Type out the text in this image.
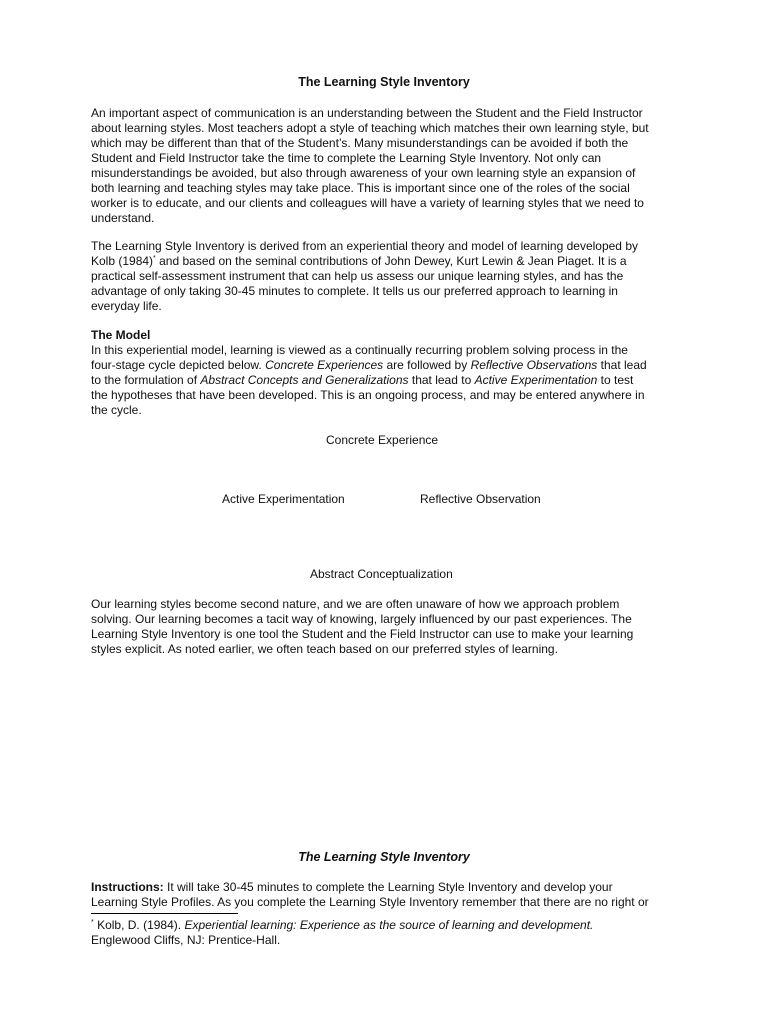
The Learning Style Inventory
An important aspect of communication is an understanding between the Student and the Field Instructor
about learning styles. Most teachers adopt a style of teaching which matches their own learning style, but
which may be different than that of the Student’s. Many misunderstandings can be avoided if both the
Student and Field Instructor take the time to complete the Learning Style Inventory. Not only can
misunderstandings be avoided, but also through awareness of your own learning style an expansion of
both learning and teaching styles may take place. This is important since one of the roles of the social
worker is to educate, and our clients and colleagues will have a variety of learning styles that we need to
understand.
The Learning Style Inventory is derived from an experiential theory and model of learning developed by
Kolb (1984)* and based on the seminal contributions of John Dewey, Kurt Lewin & Jean Piaget. It is a
practical self-assessment instrument that can help us assess our unique learning styles, and has the
advantage of only taking 30-45 minutes to complete. It tells us our preferred approach to learning in
everyday life.
The Model
In this experiential model, learning is viewed as a continually recurring problem solving process in the
four-stage cycle depicted below. Concrete Experiences are followed by Reflective Observations that lead
to the formulation of Abstract Concepts and Generalizations that lead to Active Experimentation to test
the hypotheses that have been developed. This is an ongoing process, and may be entered anywhere in
the cycle.
Concrete Experience
Active Experimentation	Reflective Observation
Abstract Conceptualization
Our learning styles become second nature, and we are often unaware of how we approach problem
solving. Our learning becomes a tacit way of knowing, largely influenced by our past experiences. The
Learning Style Inventory is one tool the Student and the Field Instructor can use to make your learning
styles explicit. As noted earlier, we often teach based on our preferred styles of learning.
The Learning Style Inventory
Instructions: It will take 30-45 minutes to complete the Learning Style Inventory and develop your
Learning Style Profiles. As you complete the Learning Style Inventory remember that there are no right or
* Kolb, D. (1984). Experiential learning: Experience as the source of learning and development.
Englewood Cliffs, NJ: Prentice-Hall.
